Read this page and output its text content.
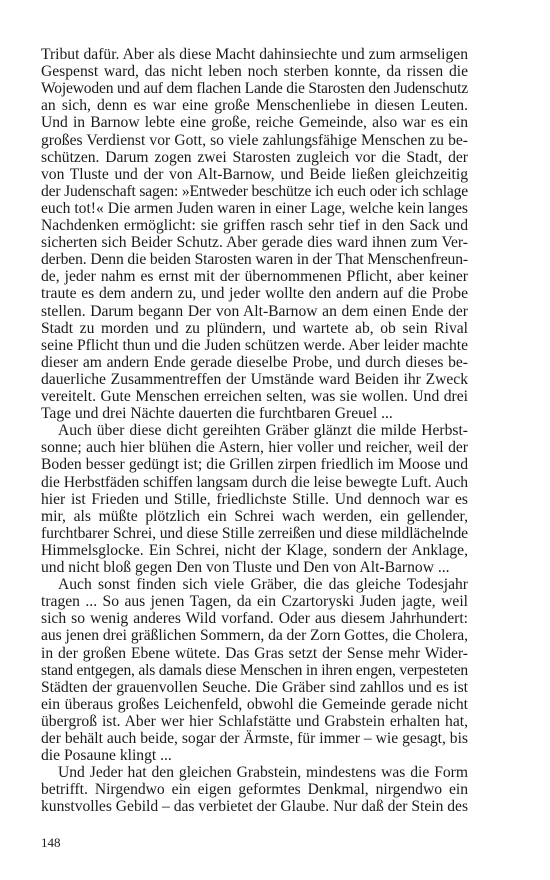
Tribut dafür. Aber als diese Macht dahinsiechte und zum armseligen
Gespenst ward, das nicht leben noch sterben konnte, da rissen die
Wojewoden und auf dem flachen Lande die Starosten den Judenschutz
an sich, denn es war eine große Menschenliebe in diesen Leuten.
Und in Barnow lebte eine große, reiche Gemeinde, also war es ein
großes Verdienst vor Gott, so viele zahlungsfähige Menschen zu be-
schützen. Darum zogen zwei Starosten zugleich vor die Stadt, der
von Tluste und der von Alt-Barnow, und Beide ließen gleichzeitig
der Judenschaft sagen: »Entweder beschütze ich euch oder ich schlage
euch tot!« Die armen Juden waren in einer Lage, welche kein langes
Nachdenken ermöglicht: sie griffen rasch sehr tief in den Sack und
sicherten sich Beider Schutz. Aber gerade dies ward ihnen zum Ver-
derben. Denn die beiden Starosten waren in der That Menschenfreun-
de, jeder nahm es ernst mit der übernommenen Pflicht, aber keiner
traute es dem andern zu, und jeder wollte den andern auf die Probe
stellen. Darum begann Der von Alt-Barnow an dem einen Ende der
Stadt zu morden und zu plündern, und wartete ab, ob sein Rival
seine Pflicht thun und die Juden schützen werde. Aber leider machte
dieser am andern Ende gerade dieselbe Probe, und durch dieses be-
dauerliche Zusammentreffen der Umstände ward Beiden ihr Zweck
vereitelt. Gute Menschen erreichen selten, was sie wollen. Und drei
Tage und drei Nächte dauerten die furchtbaren Greuel ...
Auch über diese dicht gereihten Gräber glänzt die milde Herbst-
sonne; auch hier blühen die Astern, hier voller und reicher, weil der
Boden besser gedüngt ist; die Grillen zirpen friedlich im Moose und
die Herbstfäden schiffen langsam durch die leise bewegte Luft. Auch
hier ist Frieden und Stille, friedlichste Stille. Und dennoch war es
mir, als müßte plötzlich ein Schrei wach werden, ein gellender,
furchtbarer Schrei, und diese Stille zerreißen und diese mildlächelnde
Himmelsglocke. Ein Schrei, nicht der Klage, sondern der Anklage,
und nicht bloß gegen Den von Tluste und Den von Alt-Barnow ...
Auch sonst finden sich viele Gräber, die das gleiche Todesjahr
tragen ... So aus jenen Tagen, da ein Czartoryski Juden jagte, weil
sich so wenig anderes Wild vorfand. Oder aus diesem Jahrhundert:
aus jenen drei gräßlichen Sommern, da der Zorn Gottes, die Cholera,
in der großen Ebene wütete. Das Gras setzt der Sense mehr Wider-
stand entgegen, als damals diese Menschen in ihren engen, verpesteten
Städten der grauenvollen Seuche. Die Gräber sind zahllos und es ist
ein überaus großes Leichenfeld, obwohl die Gemeinde gerade nicht
übergroß ist. Aber wer hier Schlafstätte und Grabstein erhalten hat,
der behält auch beide, sogar der Ärmste, für immer – wie gesagt, bis
die Posaune klingt ...
Und Jeder hat den gleichen Grabstein, mindestens was die Form
betrifft. Nirgendwo ein eigen geformtes Denkmal, nirgendwo ein
kunstvolles Gebild – das verbietet der Glaube. Nur daß der Stein des
148
